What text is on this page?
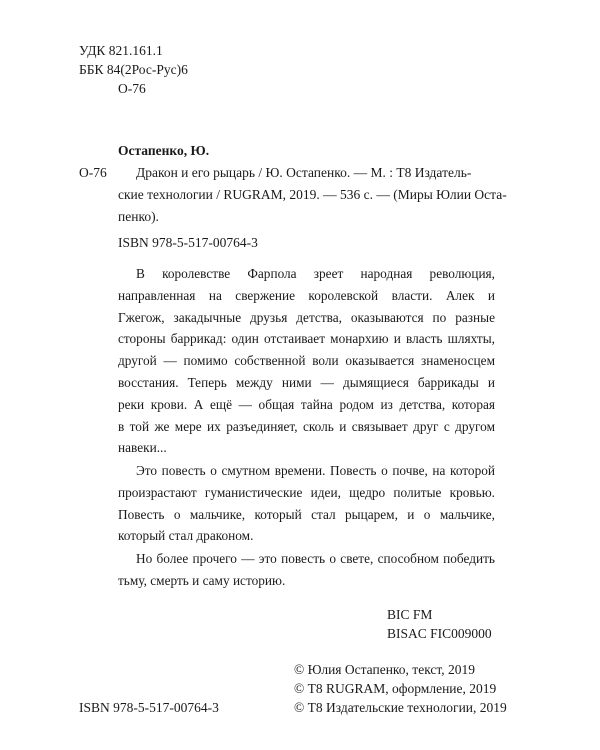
УДК 821.161.1
ББК 84(2Рос-Рус)6
О-76
Остапенко, Ю.
О-76	Дракон и его рыцарь / Ю. Остапенко. — М. : Т8 Издатель-
ские технологии / RUGRAM, 2019. — 536 с. — (Миры Юлии Оста-
пенко).
ISBN 978-5-517-00764-3
В королевстве Фарпола зреет народная революция,
направленная на свержение королевской власти. Алек и
Гжегож, закадычные друзья детства, оказываются по разные
стороны баррикад: один отстаивает монархию и власть шляхты,
другой — помимо собственной воли оказывается знаменосцем
восстания. Теперь между ними — дымящиеся баррикады и
реки крови. А ещё — общая тайна родом из детства, которая
в той же мере их разъединяет, сколь и связывает друг с другом
навеки...
Это повесть о смутном времени. Повесть о почве, на которой
произрастают гуманистические идеи, щедро политые кровью.
Повесть о мальчике, который стал рыцарем, и о мальчике,
который стал драконом.
Но более прочего — это повесть о свете, способном победить
тьму, смерть и саму историю.
BIC FM
BISAC FIC009000
© Юлия Остапенко, текст, 2019
© Т8 RUGRAM, оформление, 2019
ISBN 978-5-517-00764-3	© Т8 Издательские технологии, 2019
